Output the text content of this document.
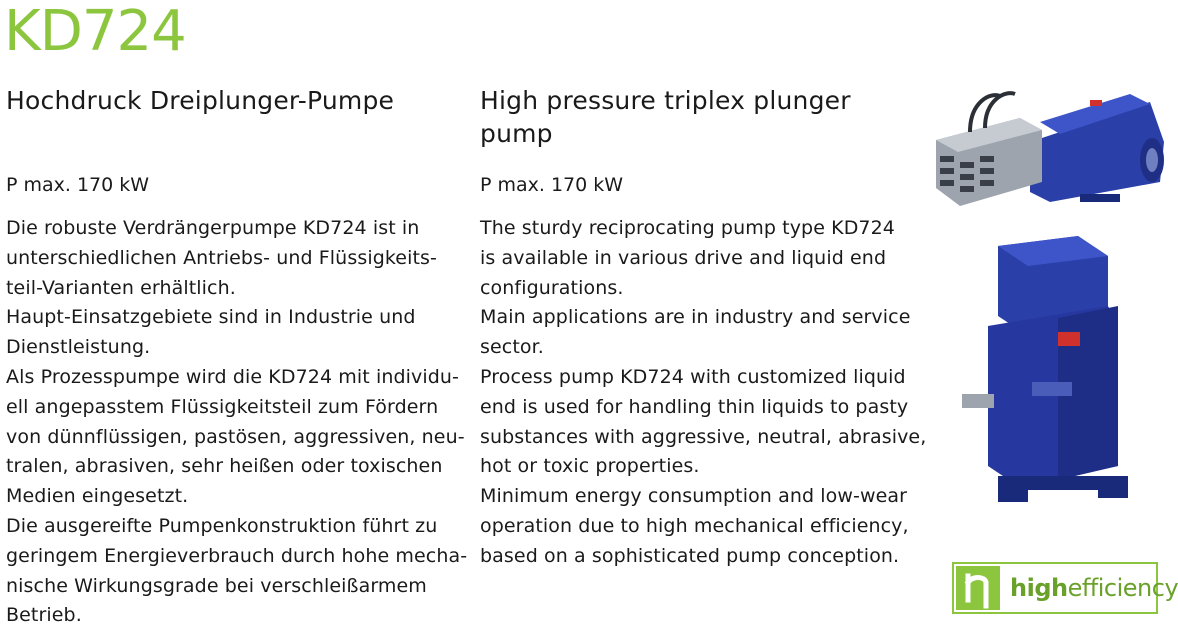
KD724
Hochdruck Dreiplunger-Pumpe
P max. 170 kW
Die robuste Verdrängerpumpe KD724 ist in
unterschiedlichen Antriebs- und Flüssigkeits-
teil-Varianten erhältlich.
Haupt-Einsatzgebiete sind in Industrie und
Dienstleistung.
Als Prozesspumpe wird die KD724 mit individu-
ell angepasstem Flüssigkeitsteil zum Fördern
von dünnflüssigen, pastösen, aggressiven, neu-
tralen, abrasiven, sehr heißen oder toxischen
Medien eingesetzt.
Die ausgereifte Pumpenkonstruktion führt zu
geringem Energieverbrauch durch hohe mecha-
nische Wirkungsgrade bei verschleißarmem
Betrieb.
High pressure triplex plunger
pump
P max. 170 kW
The sturdy reciprocating pump type KD724
is available in various drive and liquid end
configurations.
Main applications are in industry and service
sector.
Process pump KD724 with customized liquid
end is used for handling thin liquids to pasty
substances with aggressive, neutral, abrasive,
hot or toxic properties.
Minimum energy consumption and low-wear
operation due to high mechanical efficiency,
based on a sophisticated pump conception.
highefficiency
